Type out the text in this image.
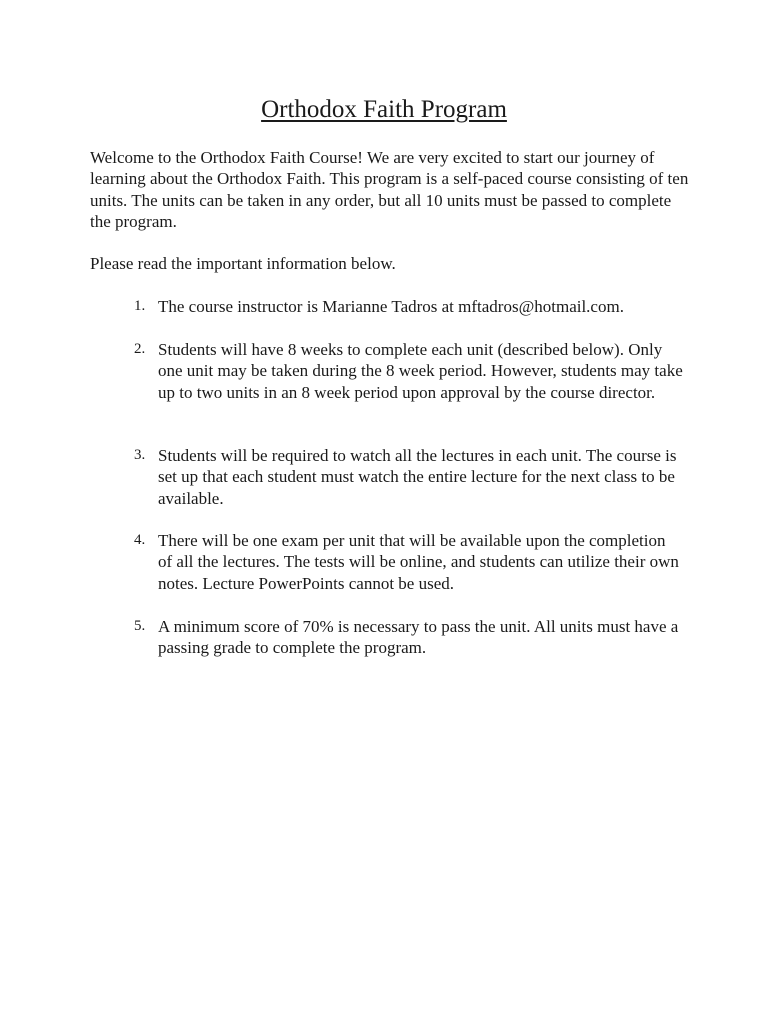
Orthodox Faith Program

Welcome to the Orthodox Faith Course! We are very excited to start our journey of learning about the Orthodox Faith. This program is a self-paced course consisting of ten units. The units can be taken in any order, but all 10 units must be passed to complete the program.

Please read the important information below.

1. The course instructor is Marianne Tadros at mftadros@hotmail.com.
2. Students will have 8 weeks to complete each unit (described below). Only one unit may be taken during the 8 week period. However, students may take up to two units in an 8 week period upon approval by the course director.
3. Students will be required to watch all the lectures in each unit. The course is set up that each student must watch the entire lecture for the next class to be available.
4. There will be one exam per unit that will be available upon the completion of all the lectures. The tests will be online, and students can utilize their own notes. Lecture PowerPoints cannot be used.
5. A minimum score of 70% is necessary to pass the unit. All units must have a passing grade to complete the program.
